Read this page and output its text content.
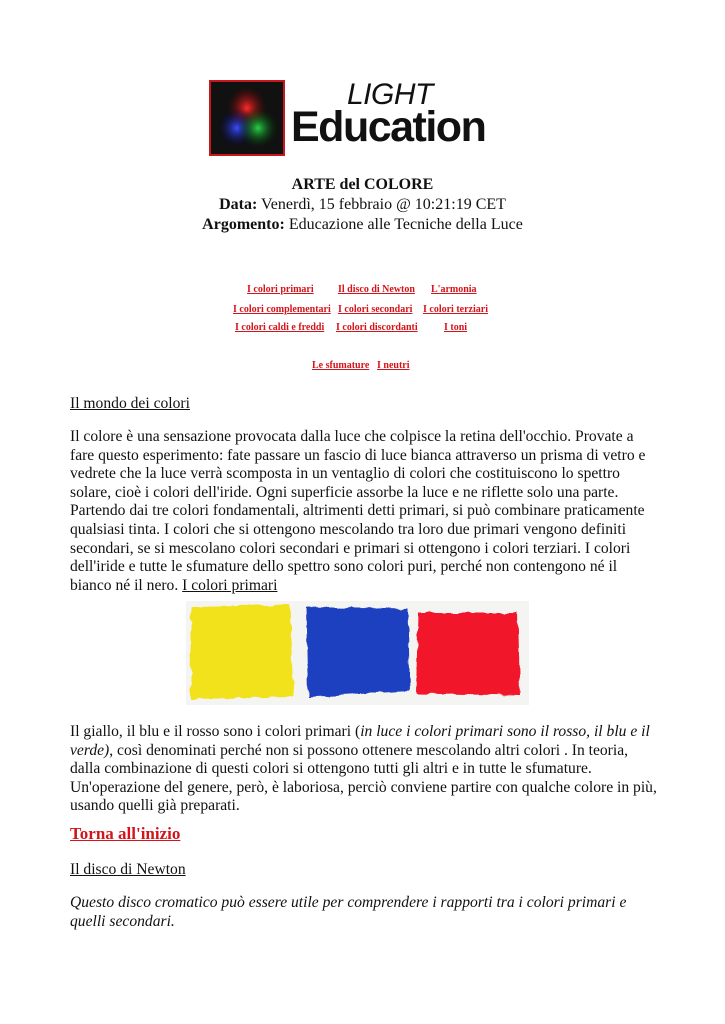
LIGHT
Education
ARTE del COLORE
Data: Venerdì, 15 febbraio @ 10:21:19 CET
Argomento: Educazione alle Tecniche della Luce
I colori primari Il disco di Newton L'armonia
I colori complementari I colori secondari I colori terziari
I colori caldi e freddi I colori discordanti	I toni
Le sfumature I neutri
Il mondo dei colori
Il colore è una sensazione provocata dalla luce che colpisce la retina dell'occhio. Provate a fare questo esperimento: fate passare un fascio di luce bianca attraverso un prisma di vetro e vedrete che la luce verrà scomposta in un ventaglio di colori che costituiscono lo spettro solare, cioè i colori dell'iride. Ogni superficie assorbe la luce e ne riflette solo una parte. Partendo dai tre colori fondamentali, altrimenti detti primari, si può combinare praticamente qualsiasi tinta. I colori che si ottengono mescolando tra loro due primari vengono definiti secondari, se si mescolano colori secondari e primari si ottengono i colori terziari. I colori dell'iride e tutte le sfumature dello spettro sono colori puri, perché non contengono né il bianco né il nero. I colori primari
Il giallo, il blu e il rosso sono i colori primari (in luce i colori primari sono il rosso, il blu e il verde), così denominati perché non si possono ottenere mescolando altri colori . In teoria, dalla combinazione di questi colori si ottengono tutti gli altri e in tutte le sfumature. Un'operazione del genere, però, è laboriosa, perciò conviene partire con qualche colore in più, usando quelli già preparati.
Torna all'inizio
Il disco di Newton
Questo disco cromatico può essere utile per comprendere i rapporti tra i colori primari e quelli secondari.
